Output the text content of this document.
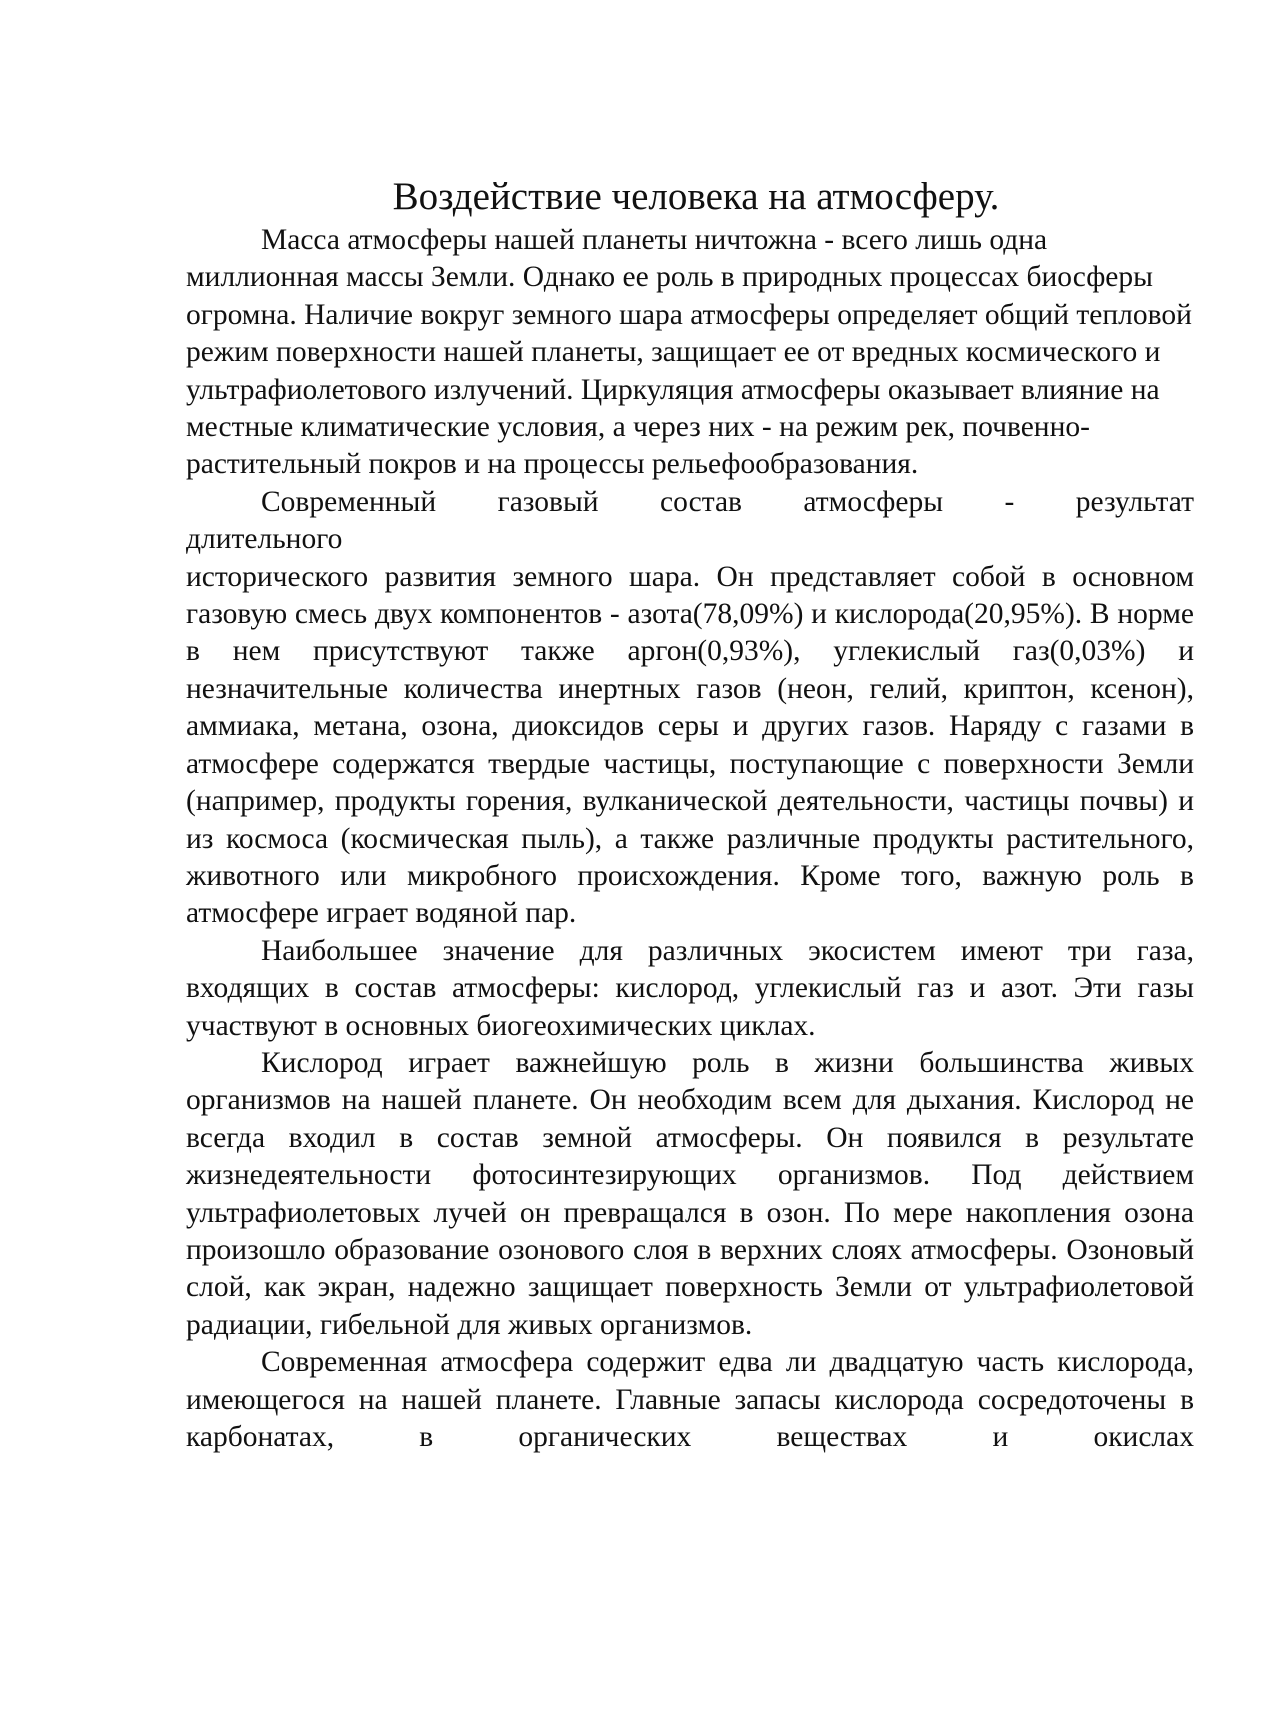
Воздействие человека на атмосферу.

Масса атмосферы нашей планеты ничтожна - всего лишь одна миллионная массы Земли. Однако ее роль в природных процессах биосферы огромна. Наличие вокруг земного шара атмосферы определяет общий тепловой режим поверхности нашей планеты, защищает ее от вредных космического и ультрафиолетового излучений. Циркуляция атмосферы оказывает влияние на местные климатические условия, а через них - на режим рек, почвенно-растительный покров и на процессы рельефообразования.

Современный газовый состав атмосферы - результат

длительного

исторического развития земного шара. Он представляет собой в основном газовую смесь двух компонентов - азота(78,09%) и кислорода(20,95%). В норме в нем присутствуют также аргон(0,93%), углекислый газ(0,03%) и незначительные количества инертных газов (неон, гелий, криптон, ксенон), аммиака, метана, озона, диоксидов серы и других газов. Наряду с газами в атмосфере содержатся твердые частицы, поступающие с поверхности Земли (например, продукты горения, вулканической деятельности, частицы почвы) и из космоса (космическая пыль), а также различные продукты растительного, животного или микробного происхождения. Кроме того, важную роль в атмосфере играет водяной пар.

Наибольшее значение для различных экосистем имеют три газа, входящих в состав атмосферы: кислород, углекислый газ и азот. Эти газы участвуют в основных биогеохимических циклах.

Кислород играет важнейшую роль в жизни большинства живых организмов на нашей планете. Он необходим всем для дыхания. Кислород не всегда входил в состав земной атмосферы. Он появился в результате жизнедеятельности фотосинтезирующих организмов. Под действием ультрафиолетовых лучей он превращался в озон. По мере накопления озона произошло образование озонового слоя в верхних слоях атмосферы. Озоновый слой, как экран, надежно защищает поверхность Земли от ультрафиолетовой радиации, гибельной для живых организмов.

Современная атмосфера содержит едва ли двадцатую часть кислорода, имеющегося на нашей планете. Главные запасы кислорода сосредоточены в карбонатах, в органических веществах и окислах
